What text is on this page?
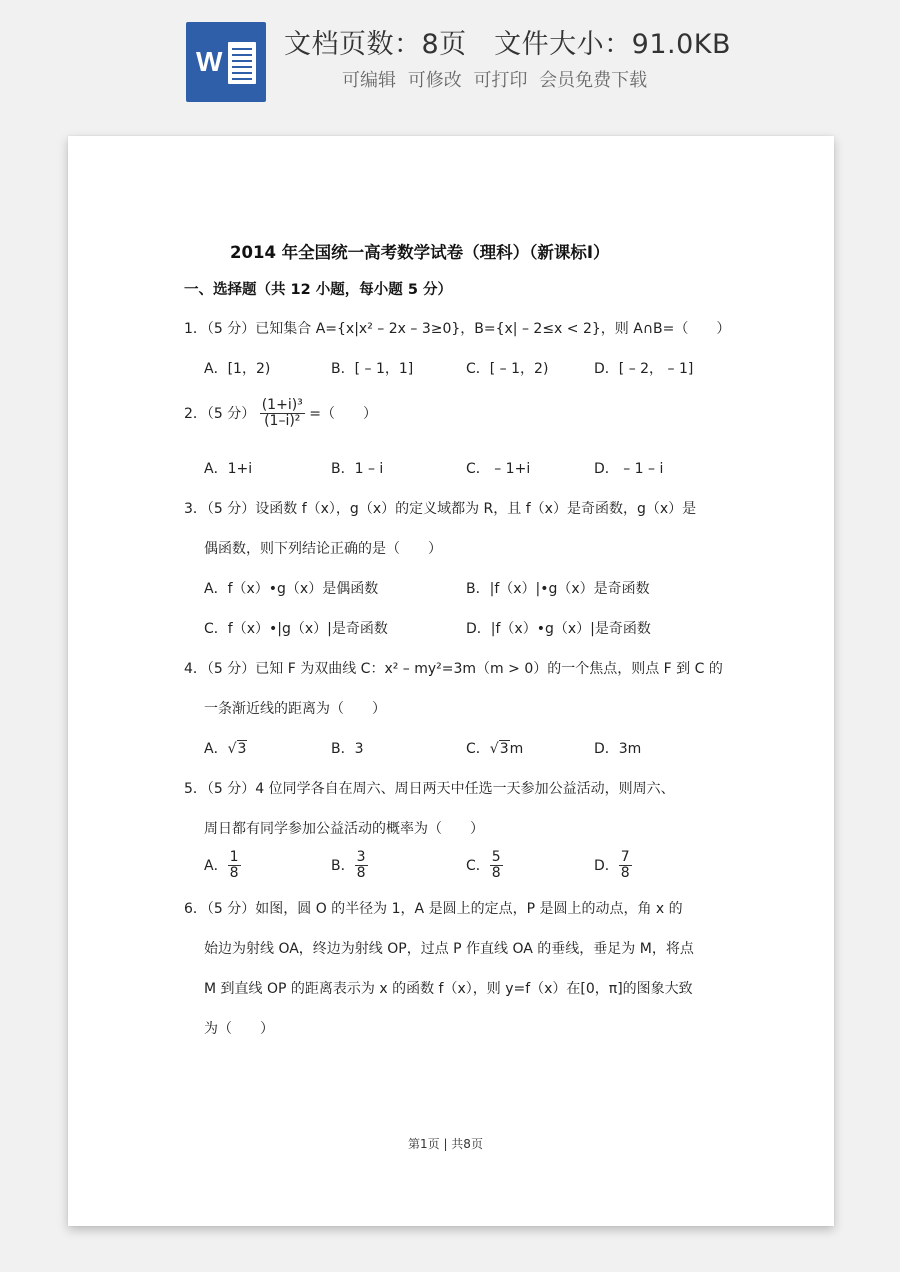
W
文档页数：8页　文件大小：91.0KB
可编辑 可修改 可打印 会员免费下载
2014 年全国统一高考数学试卷（理科）（新课标Ⅰ）
一、选择题（共 12 小题，每小题 5 分）
1．（5 分）已知集合 A={x|x² – 2x – 3≥0}，B={x| – 2≤x < 2}，则 A∩B=（　　）
A．[1，2)	B．[ – 1，1]	C．[ – 1，2)	D．[ – 2， – 1]
2．（5 分） $\frac{\text{(1+i)³}}{\text{(1–i)²}}$ =（　　）
A．1+i	B．1 – i	C． – 1+i	D． – 1 – i
3．（5 分）设函数 f（x），g（x）的定义域都为 R，且 f（x）是奇函数，g（x）是
偶函数，则下列结论正确的是（　　）
A．f（x）•g（x）是偶函数	B．|f（x）|•g（x）是奇函数
C．f（x）•|g（x）|是奇函数	D．|f（x）•g（x）|是奇函数
4．（5 分）已知 F 为双曲线 C：x² – my²=3m（m > 0）的一个焦点，则点 F 到 C 的
一条渐近线的距离为（　　）
A．√3	B．3	C．√3m	D．3m
5．（5 分）4 位同学各自在周六、周日两天中任选一天参加公益活动，则周六、
周日都有同学参加公益活动的概率为（　　）
A． $\frac{1}{8}$	B． $\frac{3}{8}$	C． $\frac{5}{8}$	D． $\frac{7}{8}$
6．（5 分）如图，圆 O 的半径为 1，A 是圆上的定点，P 是圆上的动点，角 x 的
始边为射线 OA，终边为射线 OP，过点 P 作直线 OA 的垂线，垂足为 M，将点
M 到直线 OP 的距离表示为 x 的函数 f（x），则 y=f（x）在[0，π]的图象大致
为（　　）
第1页 | 共8页
